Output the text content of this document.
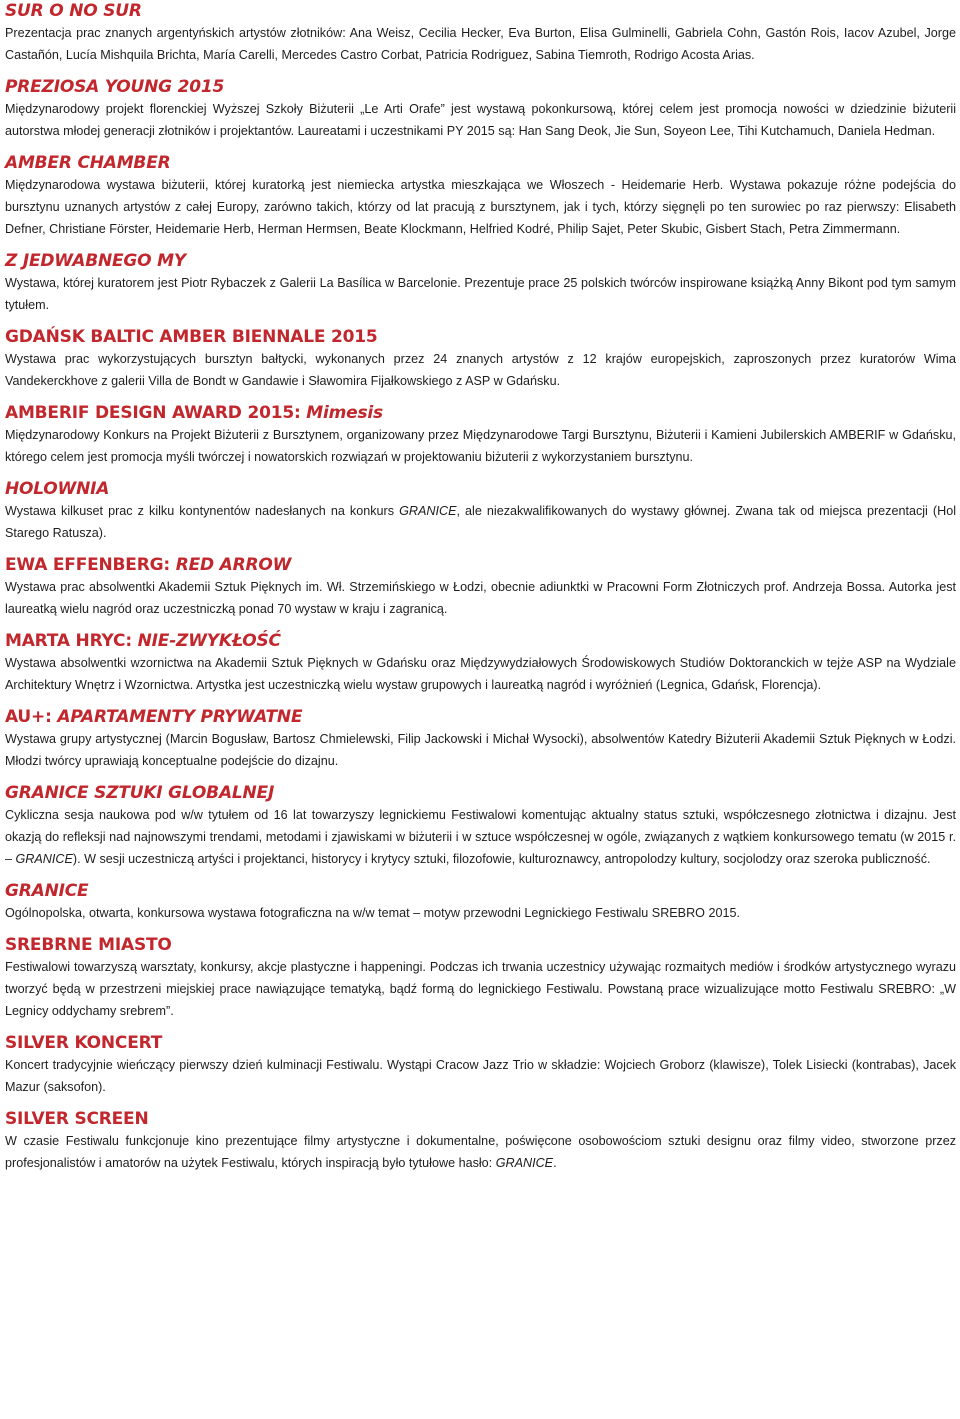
SUR O NO SUR

Prezentacja prac znanych argentyńskich artystów złotników: Ana Weisz, Cecilia Hecker, Eva Burton, Elisa Gulminelli, Gabriela Cohn, Gastón Rois, Iacov Azubel, Jorge Castañón, Lucía Mishquila Brichta, María Carelli, Mercedes Castro Corbat, Patricia Rodriguez, Sabina Tiemroth, Rodrigo Acosta Arias.

PREZIOSA YOUNG 2015

Międzynarodowy projekt florenckiej Wyższej Szkoły Biżuterii „Le Arti Orafe” jest wystawą pokonkursową, której celem jest promocja nowości w dziedzinie biżuterii autorstwa młodej generacji złotników i projektantów. Laureatami i uczestnikami PY 2015 są: Han Sang Deok, Jie Sun, Soyeon Lee, Tihi Kutchamuch, Daniela Hedman.

AMBER CHAMBER

Międzynarodowa wystawa biżuterii, której kuratorką jest niemiecka artystka mieszkająca we Włoszech - Heidemarie Herb. Wystawa pokazuje różne podejścia do bursztynu uznanych artystów z całej Europy, zarówno takich, którzy od lat pracują z bursztynem, jak i tych, którzy sięgnęli po ten surowiec po raz pierwszy: Elisabeth Defner, Christiane Förster, Heidemarie Herb, Herman Hermsen, Beate Klockmann, Helfried Kodré, Philip Sajet, Peter Skubic, Gisbert Stach, Petra Zimmermann.

Z JEDWABNEGO MY

Wystawa, której kuratorem jest Piotr Rybaczek z Galerii La Basílica w Barcelonie. Prezentuje prace 25 polskich twórców inspirowane książką Anny Bikont pod tym samym tytułem.

GDAŃSK BALTIC AMBER BIENNALE 2015

Wystawa prac wykorzystujących bursztyn bałtycki, wykonanych przez 24 znanych artystów z 12 krajów europejskich, zaproszonych przez kuratorów Wima Vandekerckhove z galerii Villa de Bondt w Gandawie i Sławomira Fijałkowskiego z ASP w Gdańsku.

AMBERIF DESIGN AWARD 2015: Mimesis

Międzynarodowy Konkurs na Projekt Biżuterii z Bursztynem, organizowany przez Międzynarodowe Targi Bursztynu, Biżuterii i Kamieni Jubilerskich AMBERIF w Gdańsku, którego celem jest promocja myśli twórczej i nowatorskich rozwiązań w projektowaniu biżuterii z wykorzystaniem bursztynu.

HOLOWNIA

Wystawa kilkuset prac z kilku kontynentów nadesłanych na konkurs GRANICE, ale niezakwalifikowanych do wystawy głównej. Zwana tak od miejsca prezentacji (Hol Starego Ratusza).

EWA EFFENBERG: RED ARROW

Wystawa prac absolwentki Akademii Sztuk Pięknych im. Wł. Strzemińskiego w Łodzi, obecnie adiunktki w Pracowni Form Złotniczych prof. Andrzeja Bossa. Autorka jest laureatką wielu nagród oraz uczestniczką ponad 70 wystaw w kraju i zagranicą.

MARTA HRYC: NIE-ZWYKŁOŚĆ

Wystawa absolwentki wzornictwa na Akademii Sztuk Pięknych w Gdańsku oraz Międzywydziałowych Środowiskowych Studiów Doktoranckich w tejże ASP na Wydziale Architektury Wnętrz i Wzornictwa. Artystka jest uczestniczką wielu wystaw grupowych i laureatką nagród i wyróżnień (Legnica, Gdańsk, Florencja).

AU+: APARTAMENTY PRYWATNE

Wystawa grupy artystycznej (Marcin Bogusław, Bartosz Chmielewski, Filip Jackowski i Michał Wysocki), absolwentów Katedry Biżuterii Akademii Sztuk Pięknych w Łodzi. Młodzi twórcy uprawiają konceptualne podejście do dizajnu.

GRANICE SZTUKI GLOBALNEJ

Cykliczna sesja naukowa pod w/w tytułem od 16 lat towarzyszy legnickiemu Festiwalowi komentując aktualny status sztuki, współczesnego złotnictwa i dizajnu. Jest okazją do refleksji nad najnowszymi trendami, metodami i zjawiskami w biżuterii i w sztuce współczesnej w ogóle, związanych z wątkiem konkursowego tematu (w 2015 r. – GRANICE). W sesji uczestniczą artyści i projektanci, historycy i krytycy sztuki, filozofowie, kulturoznawcy, antropolodzy kultury, socjolodzy oraz szeroka publiczność.

GRANICE

Ogólnopolska, otwarta, konkursowa wystawa fotograficzna na w/w temat – motyw przewodni Legnickiego Festiwalu SREBRO 2015.

SREBRNE MIASTO

Festiwalowi towarzyszą warsztaty, konkursy, akcje plastyczne i happeningi. Podczas ich trwania uczestnicy używając rozmaitych mediów i środków artystycznego wyrazu tworzyć będą w przestrzeni miejskiej prace nawiązujące tematyką, bądź formą do legnickiego Festiwalu. Powstaną prace wizualizujące motto Festiwalu SREBRO: „W Legnicy oddychamy srebrem”.

SILVER KONCERT

Koncert tradycyjnie wieńczący pierwszy dzień kulminacji Festiwalu. Wystąpi Cracow Jazz Trio w składzie: Wojciech Groborz (klawisze), Tolek Lisiecki (kontrabas), Jacek Mazur (saksofon).

SILVER SCREEN

W czasie Festiwalu funkcjonuje kino prezentujące filmy artystyczne i dokumentalne, poświęcone osobowościom sztuki designu oraz filmy video, stworzone przez profesjonalistów i amatorów na użytek Festiwalu, których inspiracją było tytułowe hasło: GRANICE.
